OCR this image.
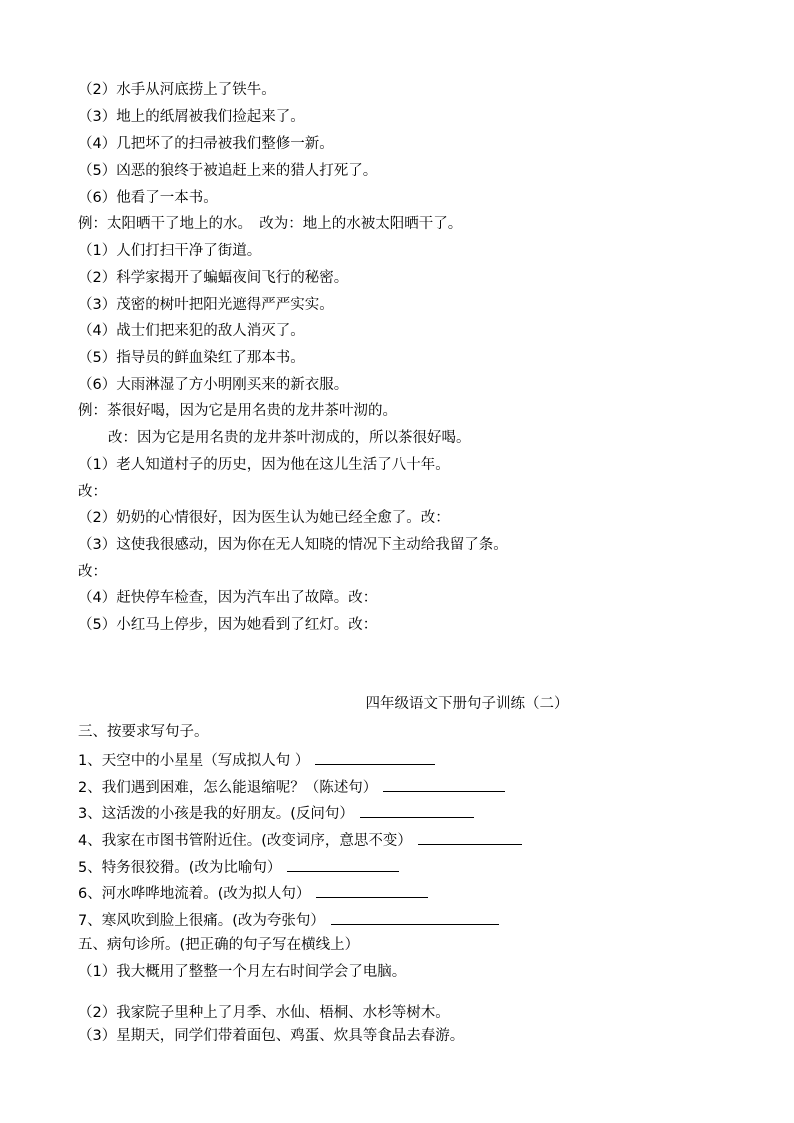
（2）水手从河底捞上了铁牛。
（3）地上的纸屑被我们捡起来了。
（4）几把坏了的扫帚被我们整修一新。
（5）凶恶的狼终于被追赶上来的猎人打死了。
（6）他看了一本书。
例：太阳晒干了地上的水。　改为：地上的水被太阳晒干了。
（1）人们打扫干净了街道。
（2）科学家揭开了蝙蝠夜间飞行的秘密。
（3）茂密的树叶把阳光遮得严严实实。
（4）战士们把来犯的敌人消灭了。
（5）指导员的鲜血染红了那本书。
（6）大雨淋湿了方小明刚买来的新衣服。
例：茶很好喝，因为它是用名贵的龙井茶叶沏的。
改：因为它是用名贵的龙井茶叶沏成的，所以茶很好喝。
（1）老人知道村子的历史，因为他在这儿生活了八十年。
改：
（2）奶奶的心情很好，因为医生认为她已经全愈了。改：
（3）这使我很感动，因为你在无人知晓的情况下主动给我留了条。
改：
（4）赶快停车检查，因为汽车出了故障。改：
（5）小红马上停步，因为她看到了红灯。改：
四年级语文下册句子训练（二）
三、按要求写句子。
1、天空中的小星星（写成拟人句 ）
2、我们遇到困难，怎么能退缩呢？（陈述句）
3、这活泼的小孩是我的好朋友。(反问句）
4、我家在市图书管附近住。(改变词序，意思不变）
5、特务很狡猾。(改为比喻句）
6、河水哗哗地流着。(改为拟人句）
7、寒风吹到脸上很痛。(改为夸张句）
五、病句诊所。(把正确的句子写在横线上）
（1）我大概用了整整一个月左右时间学会了电脑。
（2）我家院子里种上了月季、水仙、梧桐、水杉等树木。
（3）星期天，同学们带着面包、鸡蛋、炊具等食品去春游。
